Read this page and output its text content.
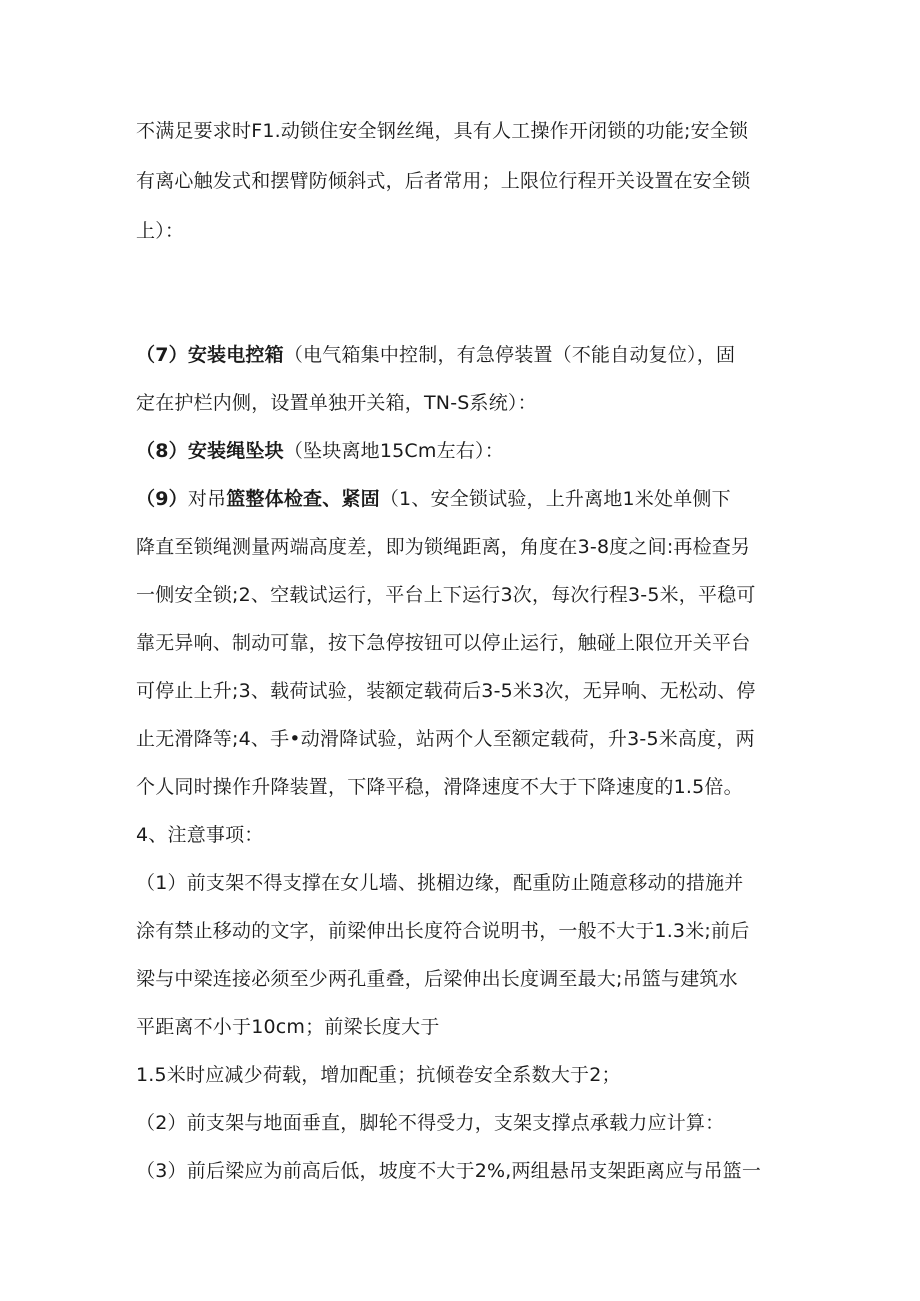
不满足要求时F1.动锁住安全钢丝绳，具有人工操作开闭锁的功能;安全锁
有离心触发式和摆臂防倾斜式，后者常用；上限位行程开关设置在安全锁
上）：
（7）安装电控箱（电气箱集中控制，有急停装置（不能自动复位），固
定在护栏内侧，设置单独开关箱，TN-S系统）：
（8）安装绳坠块（坠块离地15Cm左右）：
（9）对吊篮整体检查、紧固（1、安全锁试验，上升离地1米处单侧下
降直至锁绳测量两端高度差，即为锁绳距离，角度在3-8度之间:再检查另
一侧安全锁;2、空载试运行，平台上下运行3次，每次行程3-5米，平稳可
靠无异响、制动可靠，按下急停按钮可以停止运行，触碰上限位开关平台
可停止上升;3、载荷试验，装额定载荷后3-5米3次，无异响、无松动、停
止无滑降等;4、手•动滑降试验，站两个人至额定载荷，升3-5米高度，两
个人同时操作升降装置，下降平稳，滑降速度不大于下降速度的1.5倍。
4、注意事项：
（1）前支架不得支撑在女儿墙、挑楣边缘，配重防止随意移动的措施并
涂有禁止移动的文字，前梁伸出长度符合说明书，一般不大于1.3米;前后
梁与中梁连接必须至少两孔重叠，后梁伸出长度调至最大;吊篮与建筑水
平距离不小于10cm；前梁长度大于
1.5米时应减少荷载，增加配重；抗倾卷安全系数大于2；
（2）前支架与地面垂直，脚轮不得受力，支架支撑点承载力应计算：
（3）前后梁应为前高后低，坡度不大于2%,两组悬吊支架距离应与吊篮一
